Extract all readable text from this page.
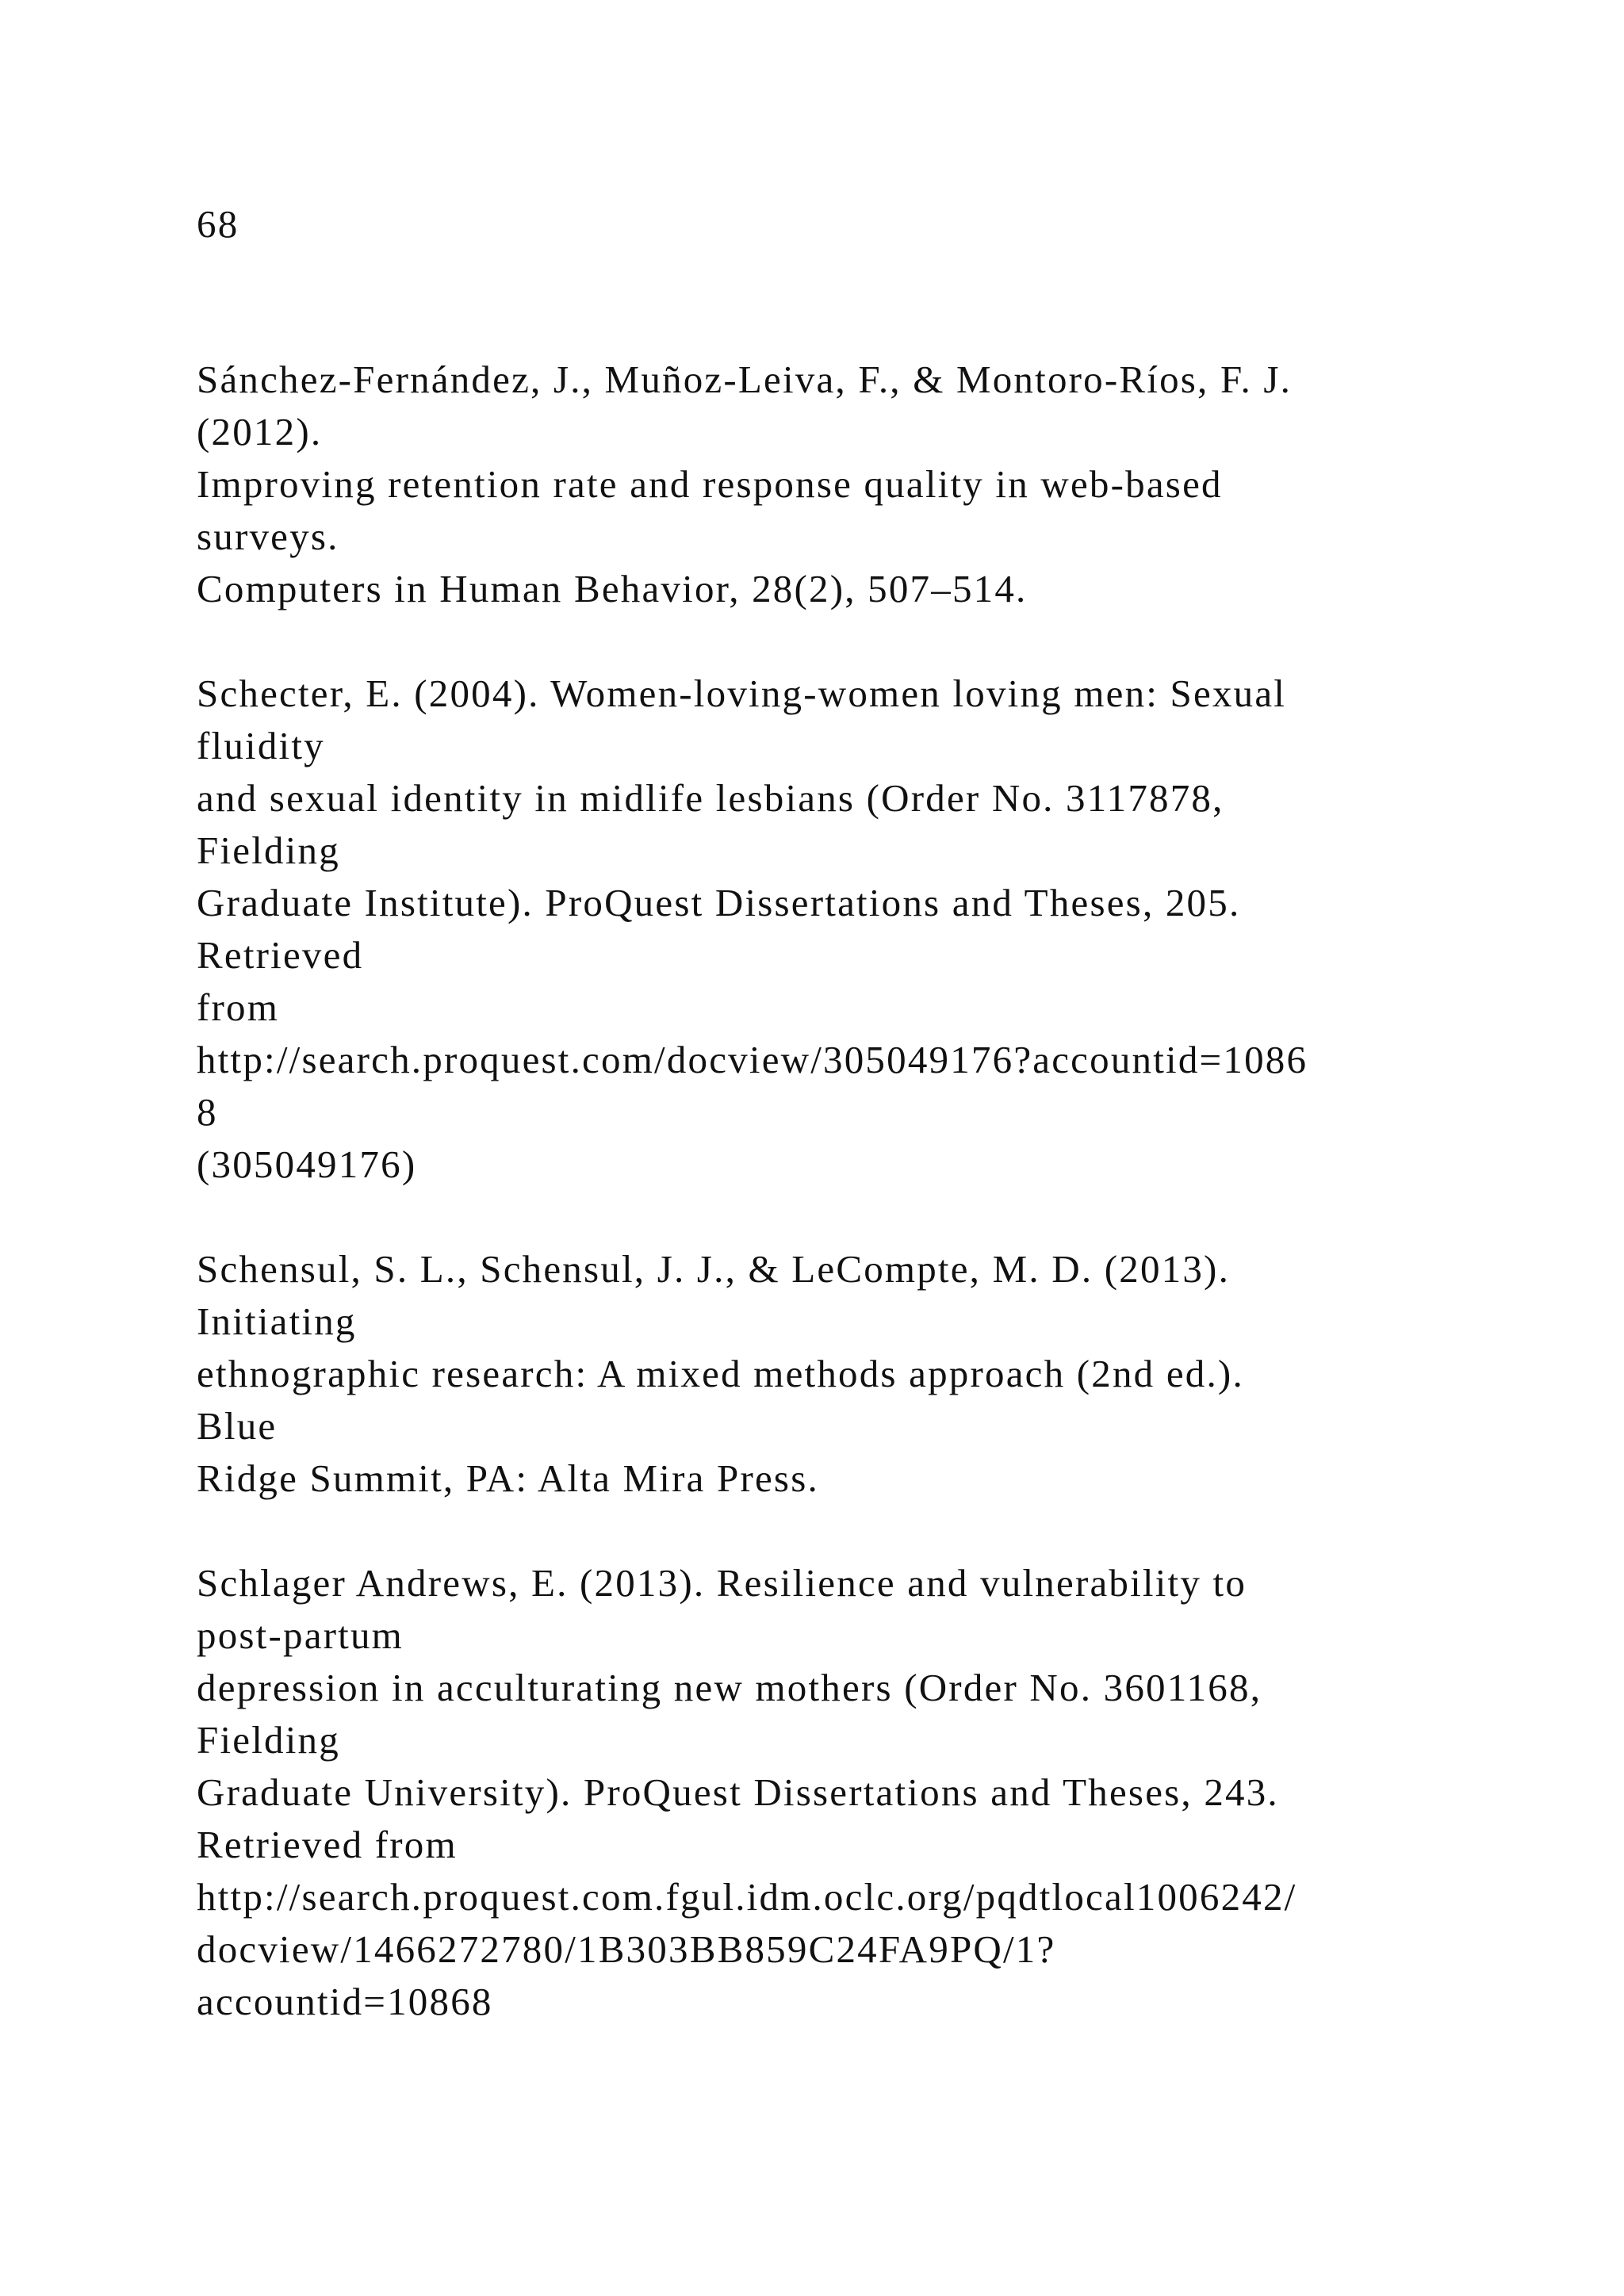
68

Sánchez-Fernández, J., Muñoz-Leiva, F., & Montoro-Ríos, F. J.
(2012).
Improving retention rate and response quality in web-based
surveys.
Computers in Human Behavior, 28(2), 507–514.
Schecter, E. (2004). Women-loving-women loving men: Sexual
fluidity
and sexual identity in midlife lesbians (Order No. 3117878,
Fielding
Graduate Institute). ProQuest Dissertations and Theses, 205.
Retrieved
from
http://search.proquest.com/docview/305049176?accountid=1086
8
(305049176)
Schensul, S. L., Schensul, J. J., & LeCompte, M. D. (2013).
Initiating
ethnographic research: A mixed methods approach (2nd ed.).
Blue
Ridge Summit, PA: Alta Mira Press.
Schlager Andrews, E. (2013). Resilience and vulnerability to
post-partum
depression in acculturating new mothers (Order No. 3601168,
Fielding
Graduate University). ProQuest Dissertations and Theses, 243.
Retrieved from
http://search.proquest.com.fgul.idm.oclc.org/pqdtlocal1006242/
docview/1466272780/1B303BB859C24FA9PQ/1?
accountid=10868
